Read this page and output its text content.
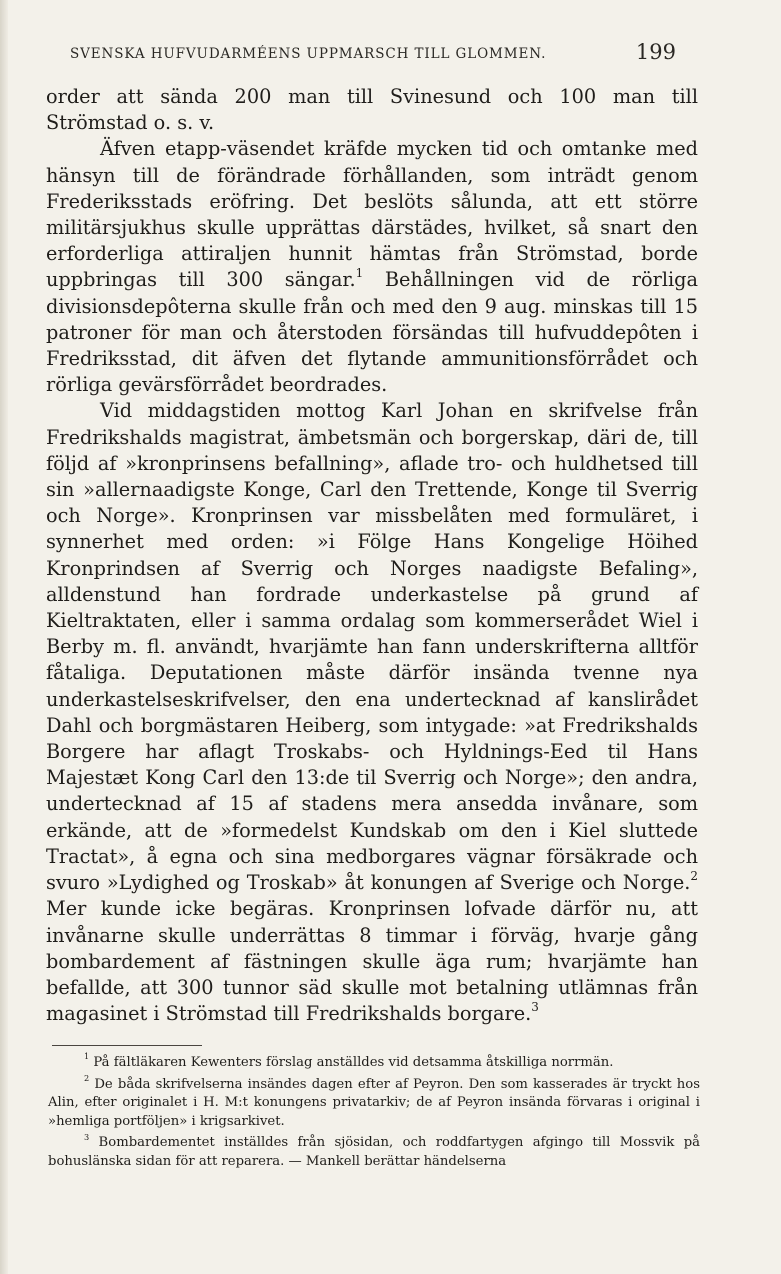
SVENSKA HUFVUDARMÉENS UPPMARSCH TILL GLOMMEN.	199

order att sända 200 man till Svinesund och 100 man till Strömstad o. s. v.

Äfven etapp-väsendet kräfde mycken tid och omtanke med hänsyn till de förändrade förhållanden, som inträdt genom Frederiksstads eröfring. Det beslöts sålunda, att ett större militärsjukhus skulle upprättas därstädes, hvilket, så snart den erforderliga attiraljen hunnit hämtas från Strömstad, borde uppbringas till 300 sängar.$^1$ Behållningen vid de rörliga divisionsdepôterna skulle från och med den 9 aug. minskas till 15 patroner för man och återstoden försändas till hufvuddepôten i Fredriksstad, dit äfven det flytande ammunitionsförrådet och rörliga gevärsförrådet beordrades.

Vid middagstiden mottog Karl Johan en skrifvelse från Fredrikshalds magistrat, ämbetsmän och borgerskap, däri de, till följd af »kronprinsens befallning», aflade tro- och huldhetsed till sin »allernaadigste Konge, Carl den Trettende, Konge til Sverrig och Norge». Kronprinsen var missbelåten med formuläret, i synnerhet med orden: »i Fölge Hans Kongelige Höihed Kronprindsen af Sverrig och Norges naadigste Befaling», alldenstund han fordrade underkastelse på grund af Kieltraktaten, eller i samma ordalag som kommerserådet Wiel i Berby m. fl. användt, hvarjämte han fann underskrifterna alltför fåtaliga. Deputationen måste därför insända tvenne nya underkastelseskrifvelser, den ena undertecknad af kanslirådet Dahl och borgmästaren Heiberg, som intygade: »at Fredrikshalds Borgere har aflagt Troskabs- och Hyldnings-Eed til Hans Majestæt Kong Carl den 13:de til Sverrig och Norge»; den andra, undertecknad af 15 af stadens mera ansedda invånare, som erkände, att de »formedelst Kundskab om den i Kiel sluttede Tractat», å egna och sina medborgares vägnar försäkrade och svuro »Lydighed og Troskab» åt konungen af Sverige och Norge.$^2$ Mer kunde icke begäras. Kronprinsen lofvade därför nu, att invånarne skulle underrättas 8 timmar i förväg, hvarje gång bombardement af fästningen skulle äga rum; hvarjämte han befallde, att 300 tunnor säd skulle mot betalning utlämnas från magasinet i Strömstad till Fredrikshalds borgare.$^3$

$^1$ På fältläkaren Kewenters förslag anställdes vid detsamma åtskilliga norrmän.

$^2$ De båda skrifvelserna insändes dagen efter af Peyron. Den som kasserades är tryckt hos Alin, efter originalet i H. M:t konungens privatarkiv; de af Peyron insända förvaras i original i »hemliga portföljen» i krigsarkivet.

$^3$ Bombardementet inställdes från sjösidan, och roddfartygen afgingo till Mossvik på bohuslänska sidan för att reparera. — Mankell berättar händelserna
